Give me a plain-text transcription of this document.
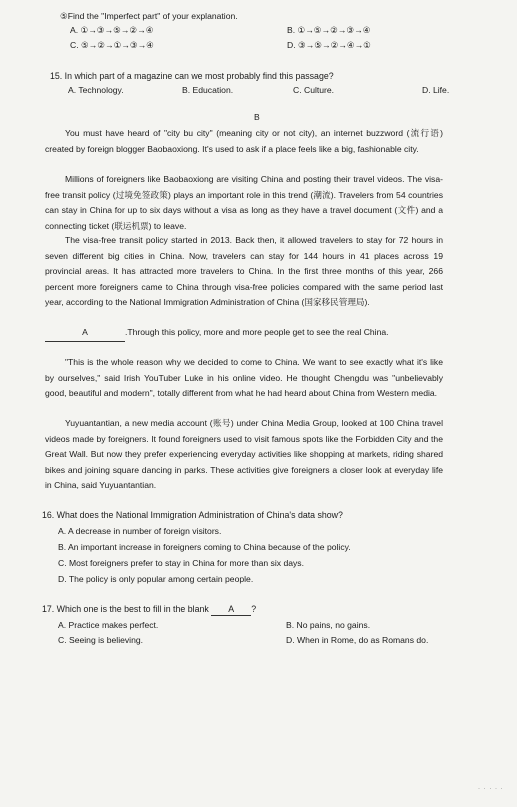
⑤Find the "Imperfect part" of your explanation.
A. ①→③→⑤→②→④	B. ①→⑤→②→③→④
C. ⑤→②→①→③→④	D. ③→⑤→②→④→①
15. In which part of a magazine can we most probably find this passage?
A. Technology.	B. Education.	C. Culture.	D. Life.
B
You must have heard of "city bu city" (meaning city or not city), an internet buzzword (流行语) created by foreign blogger Baobaoxiong. It's used to ask if a place feels like a big, fashionable city.
Millions of foreigners like Baobaoxiong are visiting China and posting their travel videos. The visa-free transit policy (过境免签政策) plays an important role in this trend (潮流). Travelers from 54 countries can stay in China for up to six days without a visa as long as they have a travel document (文件) and a connecting ticket (联运机票) to leave.
The visa-free transit policy started in 2013. Back then, it allowed travelers to stay for 72 hours in seven different big cities in China. Now, travelers can stay for 144 hours in 41 places across 19 provincial areas. It has attracted more travelers to China. In the first three months of this year, 266 percent more foreigners came to China through visa-free policies compared with the same period last year, according to the National Immigration Administration of China (国家移民管理局).
A	.Through this policy, more and more people get to see the real China.
"This is the whole reason why we decided to come to China. We want to see exactly what it's like by ourselves," said Irish YouTuber Luke in his online video. He thought Chengdu was "unbelievably good, beautiful and modern", totally different from what he had heard about China from Western media.
Yuyuantantian, a new media account (账号) under China Media Group, looked at 100 China travel videos made by foreigners. It found foreigners used to visit famous spots like the Forbidden City and the Great Wall. But now they prefer experiencing everyday activities like shopping at markets, riding shared bikes and joining square dancing in parks. These activities give foreigners a closer look at everyday life in China, said Yuyuantantian.
16. What does the National Immigration Administration of China's data show?
A. A decrease in number of foreign visitors.
B. An important increase in foreigners coming to China because of the policy.
C. Most foreigners prefer to stay in China for more than six days.
D. The policy is only popular among certain people.
17. Which one is the best to fill in the blank A ?
A. Practice makes perfect.	B. No pains, no gains.
C. Seeing is believing.	D. When in Rome, do as Romans do.
· · · · ·
